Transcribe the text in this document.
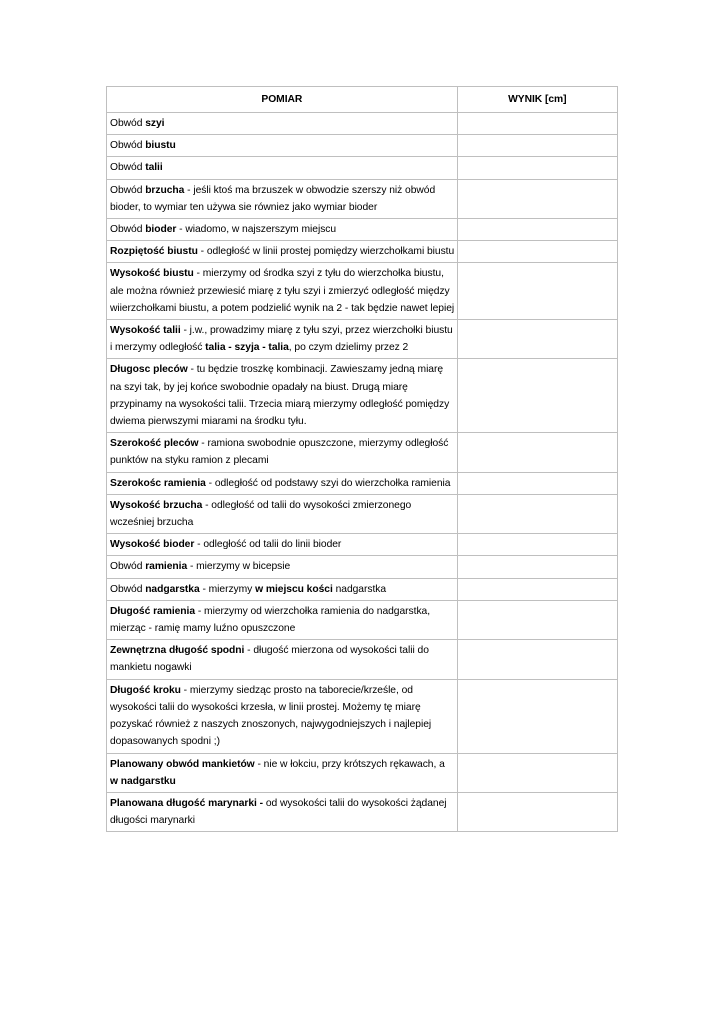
POMIAR	WYNIK [cm]

Obwód szyi	

Obwód biustu	

Obwód talii	

Obwód brzucha - jeśli ktoś ma brzuszek w obwodzie szerszy niż obwód bioder, to wymiar ten używa sie równiez jako wymiar bioder	

Obwód bioder - wiadomo, w najszerszym miejscu	

Rozpiętość biustu - odległość w linii prostej pomiędzy wierzchołkami biustu	

Wysokość biustu - mierzymy od środka szyi z tyłu do wierzchołka biustu, ale można również przewiesić miarę z tyłu szyi i zmierzyć odległość między wiierzchołkami biustu, a potem podzielić wynik na 2 - tak będzie nawet lepiej	

Wysokość talii - j.w., prowadzimy miarę z tyłu szyi, przez wierzchołki biustu i merzymy odległość talia - szyja - talia, po czym dzielimy przez 2	

Długosc pleców - tu będzie troszkę kombinacji. Zawieszamy jedną miarę na szyi tak, by jej końce swobodnie opadały na biust. Drugą miarę przypinamy na wysokości talii. Trzecia miarą mierzymy odległość pomiędzy dwiema pierwszymi miarami na środku tyłu.	

Szerokość pleców - ramiona swobodnie opuszczone, mierzymy odległość punktów na styku ramion z plecami	

Szerokośc ramienia - odległość od podstawy szyi do wierzchołka ramienia	

Wysokość brzucha - odległość od talii do wysokości zmierzonego wcześniej brzucha	

Wysokość bioder - odległość od talii do linii bioder	

Obwód ramienia - mierzymy w bicepsie	

Obwód nadgarstka - mierzymy w miejscu kości nadgarstka	

Długość ramienia - mierzymy od wierzchołka ramienia do nadgarstka, mierząc - ramię mamy luźno opuszczone	

Zewnętrzna długość spodni - długość mierzona od wysokości talii do mankietu nogawki	

Długość kroku - mierzymy siedząc prosto na taborecie/krześle, od wysokości talii do wysokości krzesła, w linii prostej. Możemy tę miarę pozyskać również z naszych znoszonych, najwygodniejszych i najlepiej dopasowanych spodni ;)	

Planowany obwód mankietów - nie w łokciu, przy krótszych rękawach, a w nadgarstku	

Planowana długość marynarki - od wysokości talii do wysokości żądanej długości marynarki	
